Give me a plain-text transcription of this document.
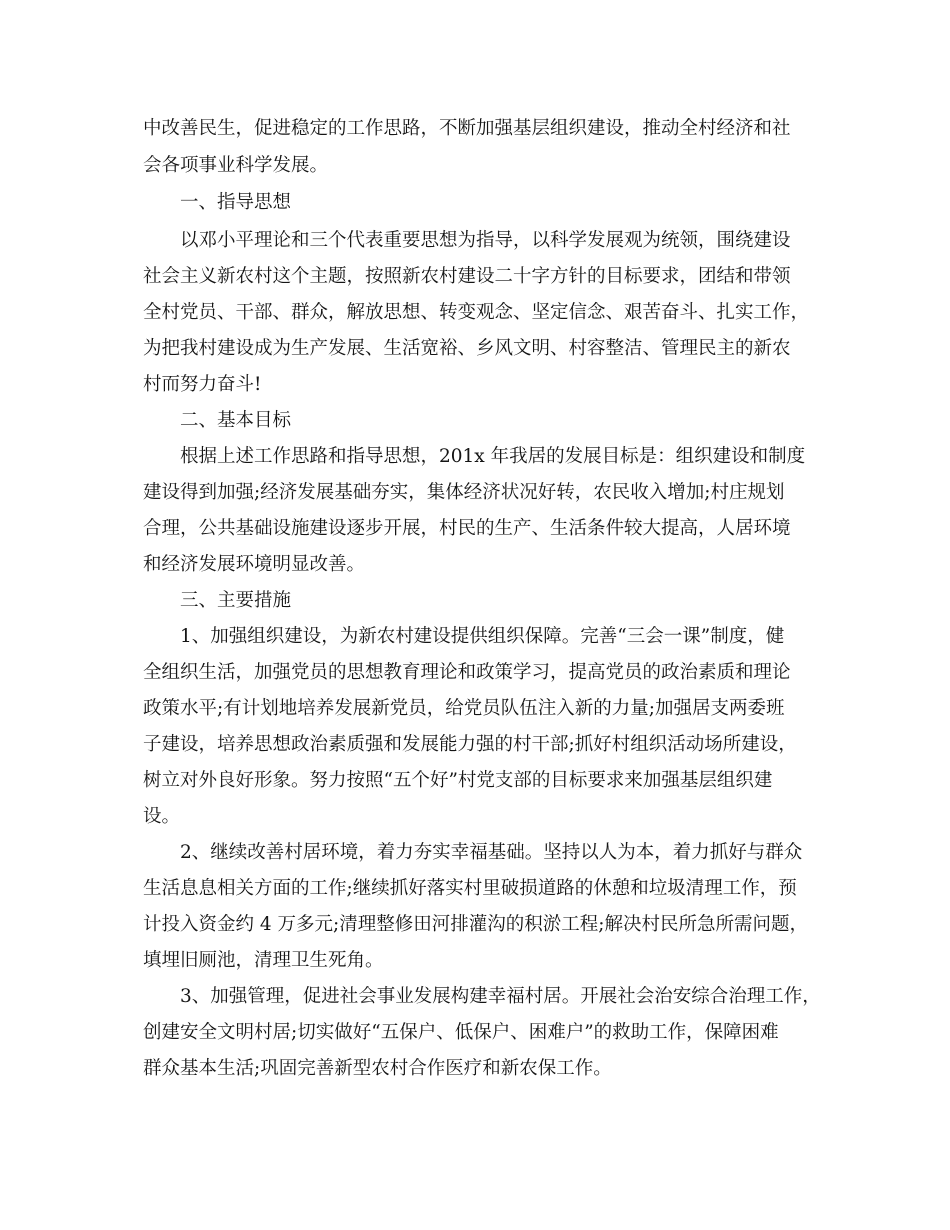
中改善民生，促进稳定的工作思路，不断加强基层组织建设，推动全村经济和社

会各项事业科学发展。

一、指导思想

以邓小平理论和三个代表重要思想为指导，以科学发展观为统领，围绕建设

社会主义新农村这个主题，按照新农村建设二十字方针的目标要求，团结和带领

全村党员、干部、群众，解放思想、转变观念、坚定信念、艰苦奋斗、扎实工作，

为把我村建设成为生产发展、生活宽裕、乡风文明、村容整洁、管理民主的新农

村而努力奋斗!

二、基本目标

根据上述工作思路和指导思想，201x 年我居的发展目标是：组织建设和制度

建设得到加强;经济发展基础夯实，集体经济状况好转，农民收入增加;村庄规划

合理，公共基础设施建设逐步开展，村民的生产、生活条件较大提高，人居环境

和经济发展环境明显改善。

三、主要措施

1、加强组织建设，为新农村建设提供组织保障。完善“三会一课”制度，健

全组织生活，加强党员的思想教育理论和政策学习，提高党员的政治素质和理论

政策水平;有计划地培养发展新党员，给党员队伍注入新的力量;加强居支两委班

子建设，培养思想政治素质强和发展能力强的村干部;抓好村组织活动场所建设，

树立对外良好形象。努力按照“五个好”村党支部的目标要求来加强基层组织建

设。

2、继续改善村居环境，着力夯实幸福基础。坚持以人为本，着力抓好与群众

生活息息相关方面的工作;继续抓好落实村里破损道路的休憩和垃圾清理工作，预

计投入资金约 4 万多元;清理整修田河排灌沟的积淤工程;解决村民所急所需问题，

填埋旧厕池，清理卫生死角。

3、加强管理，促进社会事业发展构建幸福村居。开展社会治安综合治理工作，

创建安全文明村居;切实做好“五保户、低保户、困难户”的救助工作，保障困难

群众基本生活;巩固完善新型农村合作医疗和新农保工作。
